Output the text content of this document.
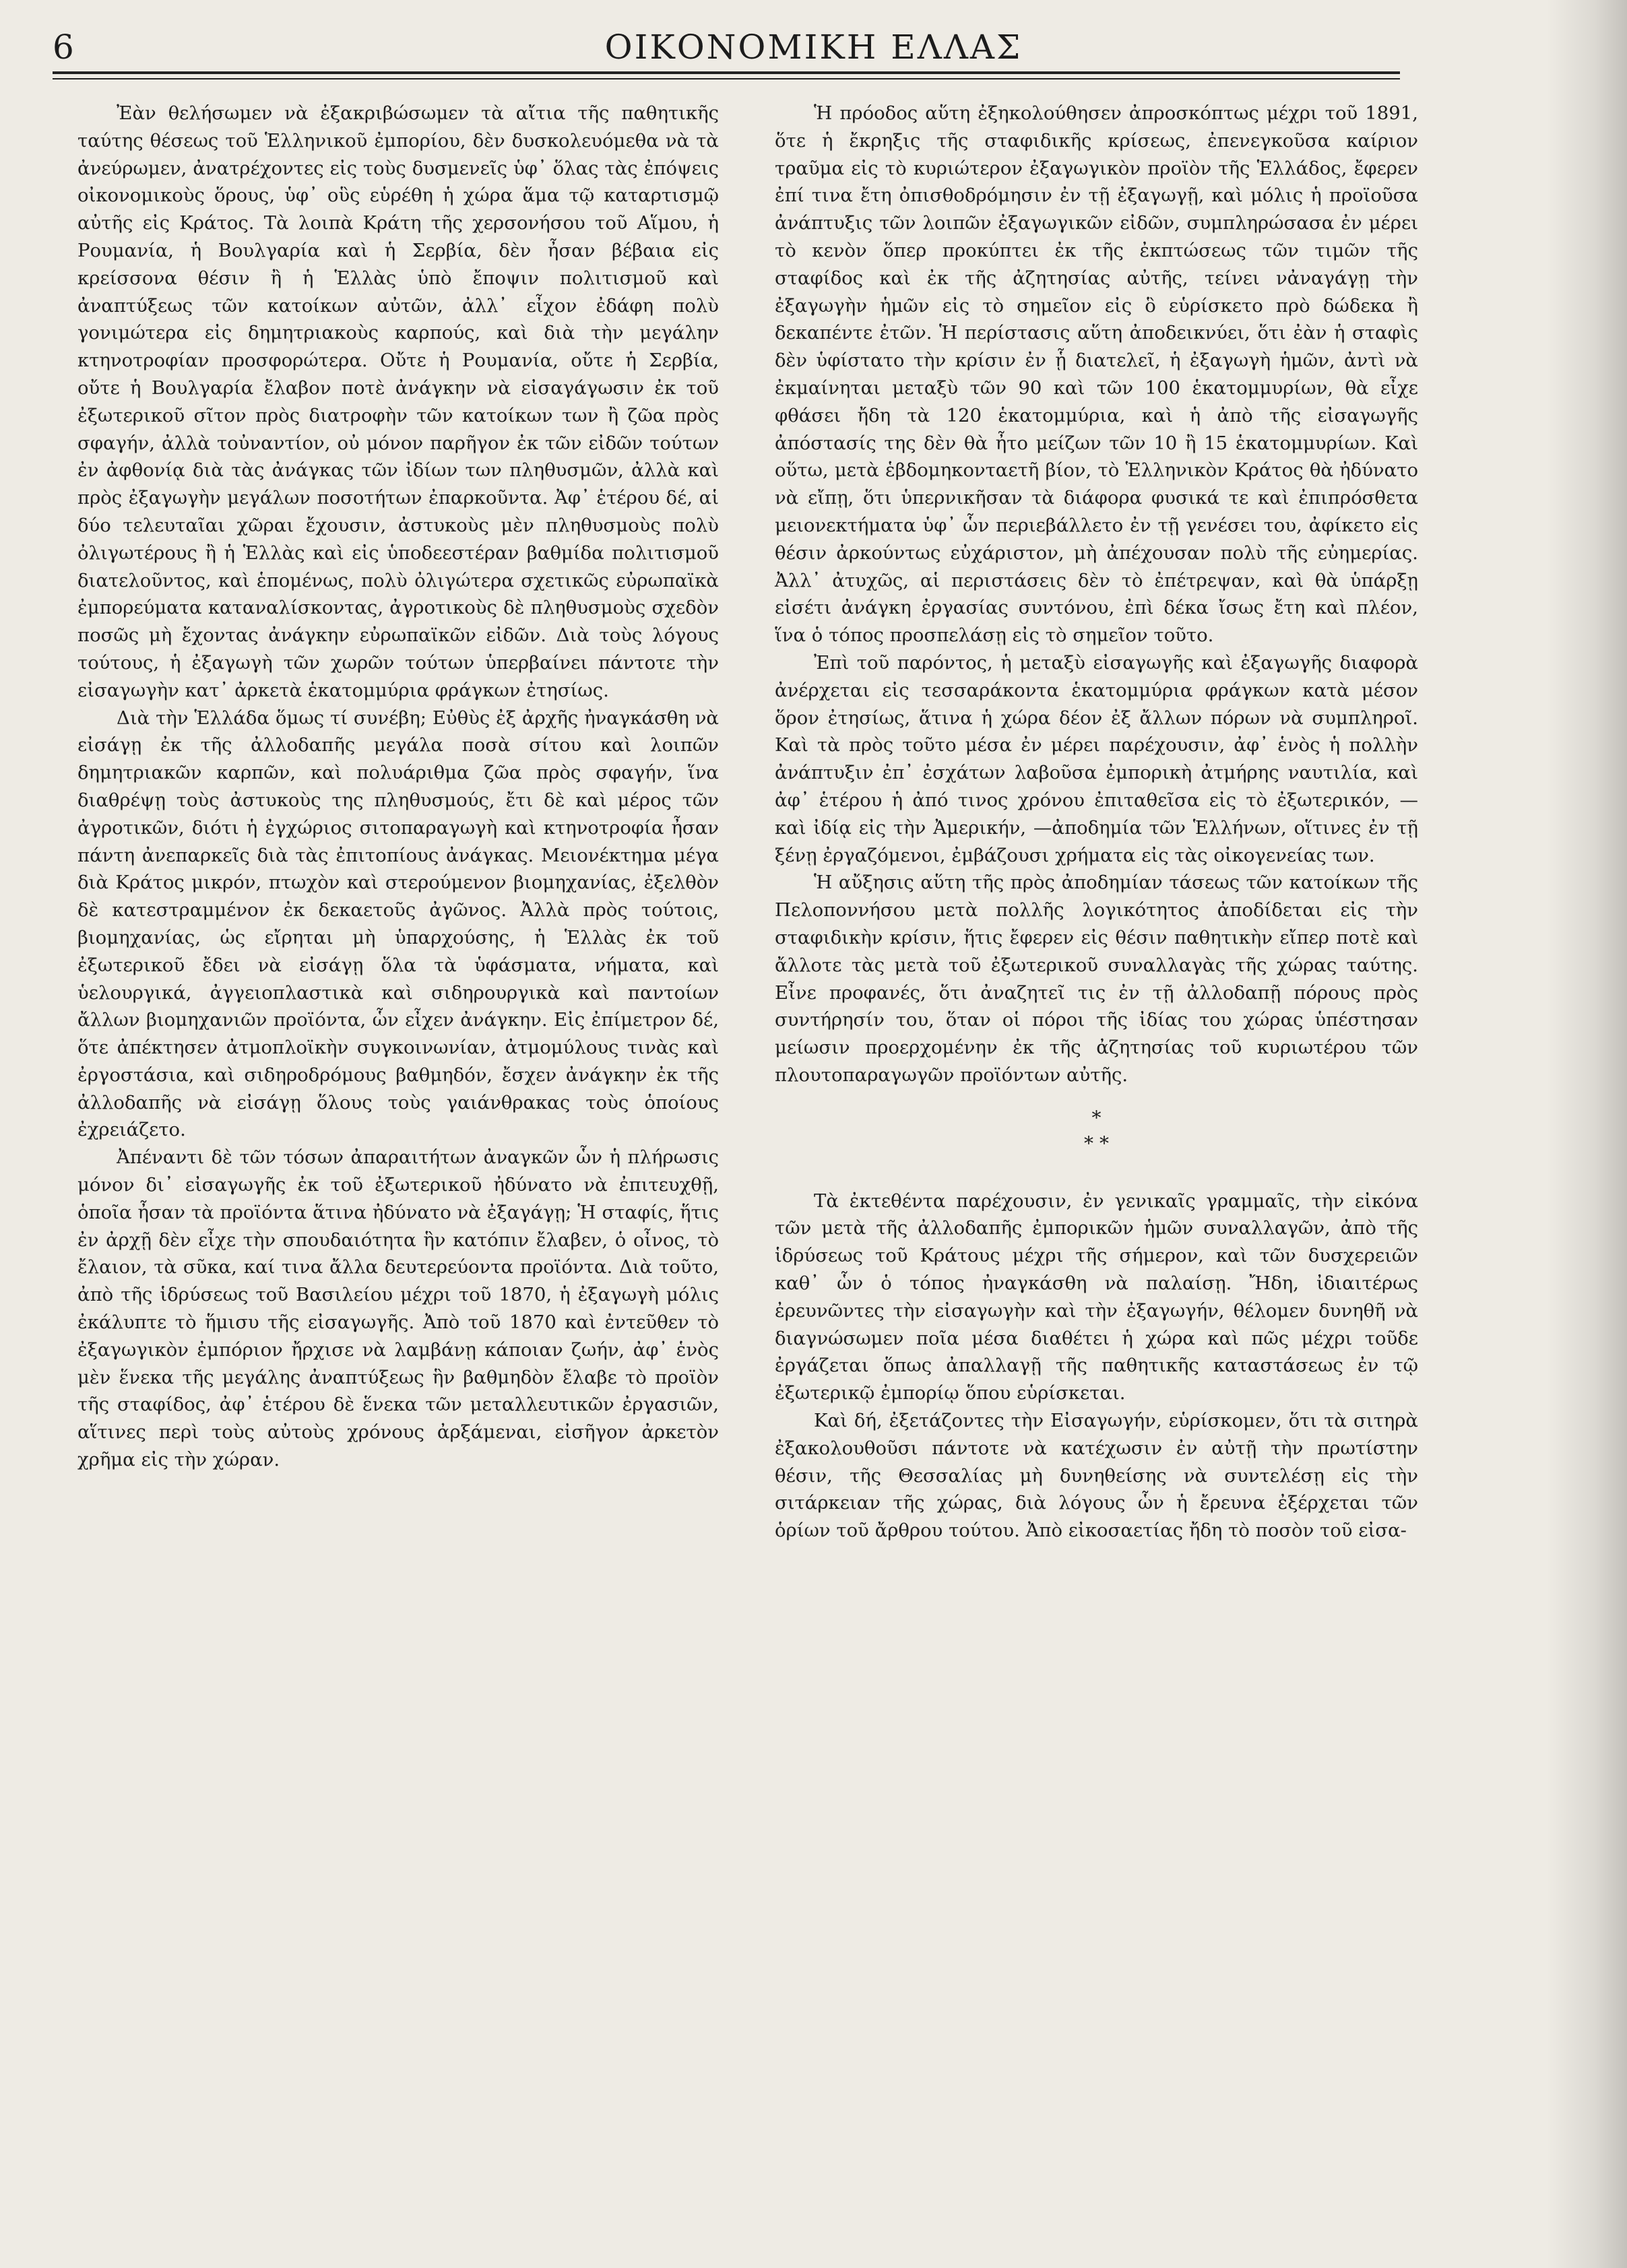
6	ΟΙΚΟΝΟΜΙΚΗ ΕΛΛΑΣ

Ἐὰν θελήσωμεν νὰ ἐξακριβώσωμεν τὰ αἴτια τῆς παθητικῆς ταύτης θέσεως τοῦ Ἑλληνικοῦ ἐμπορίου, δὲν δυσκολευόμεθα νὰ τὰ ἀνεύρωμεν, ἀνατρέχοντες εἰς τοὺς δυσμενεῖς ὑφ᾽ ὅλας τὰς ἐπόψεις οἰκονομικοὺς ὅρους, ὑφ᾽ οὓς εὑρέθη ἡ χώρα ἅμα τῷ καταρτισμῷ αὐτῆς εἰς Κράτος. Τὰ λοιπὰ Κράτη τῆς χερσονήσου τοῦ Αἵμου, ἡ Ρουμανία, ἡ Βουλγαρία καὶ ἡ Σερβία, δὲν ἦσαν βέβαια εἰς κρείσσονα θέσιν ἢ ἡ Ἑλλὰς ὑπὸ ἔποψιν πολιτισμοῦ καὶ ἀναπτύξεως τῶν κατοίκων αὐτῶν, ἀλλ᾽ εἶχον ἐδάφη πολὺ γονιμώτερα εἰς δημητριακοὺς καρπούς, καὶ διὰ τὴν μεγάλην κτηνοτροφίαν προσφορώτερα. Οὔτε ἡ Ρουμανία, οὔτε ἡ Σερβία, οὔτε ἡ Βουλγαρία ἔλαβον ποτὲ ἀνάγκην νὰ εἰσαγάγωσιν ἐκ τοῦ ἐξωτερικοῦ σῖτον πρὸς διατροφὴν τῶν κατοίκων των ἢ ζῶα πρὸς σφαγήν, ἀλλὰ τοὐναντίον, οὐ μόνον παρῆγον ἐκ τῶν εἰδῶν τούτων ἐν ἀφθονίᾳ διὰ τὰς ἀνάγκας τῶν ἰδίων των πληθυσμῶν, ἀλλὰ καὶ πρὸς ἐξαγωγὴν μεγάλων ποσοτήτων ἐπαρκοῦντα. Ἀφ᾽ ἑτέρου δέ, αἱ δύο τελευταῖαι χῶραι ἔχουσιν, ἀστυκοὺς μὲν πληθυσμοὺς πολὺ ὀλιγωτέρους ἢ ἡ Ἑλλὰς καὶ εἰς ὑποδεεστέραν βαθμίδα πολιτισμοῦ διατελοῦντος, καὶ ἑπομένως, πολὺ ὀλιγώτερα σχετικῶς εὐρωπαϊκὰ ἐμπορεύματα καταναλίσκοντας, ἀγροτικοὺς δὲ πληθυσμοὺς σχεδὸν ποσῶς μὴ ἔχοντας ἀνάγκην εὐρωπαϊκῶν εἰδῶν. Διὰ τοὺς λόγους τούτους, ἡ ἐξαγωγὴ τῶν χωρῶν τούτων ὑπερβαίνει πάντοτε τὴν εἰσαγωγὴν κατ᾽ ἀρκετὰ ἑκατομμύρια φράγκων ἐτησίως.

Διὰ τὴν Ἑλλάδα ὅμως τί συνέβη; Εὐθὺς ἐξ ἀρχῆς ἠναγκάσθη νὰ εἰσάγῃ ἐκ τῆς ἀλλοδαπῆς μεγάλα ποσὰ σίτου καὶ λοιπῶν δημητριακῶν καρπῶν, καὶ πολυάριθμα ζῶα πρὸς σφαγήν, ἵνα διαθρέψῃ τοὺς ἀστυκοὺς της πληθυσμούς, ἔτι δὲ καὶ μέρος τῶν ἀγροτικῶν, διότι ἡ ἐγχώριος σιτοπαραγωγὴ καὶ κτηνοτροφία ἦσαν πάντη ἀνεπαρκεῖς διὰ τὰς ἐπιτοπίους ἀνάγκας. Μειονέκτημα μέγα διὰ Κράτος μικρόν, πτωχὸν καὶ στερούμενον βιομηχανίας, ἐξελθὸν δὲ κατεστραμμένον ἐκ δεκαετοῦς ἀγῶνος. Ἀλλὰ πρὸς τούτοις, βιομηχανίας, ὡς εἴρηται μὴ ὑπαρχούσης, ἡ Ἑλλὰς ἐκ τοῦ ἐξωτερικοῦ ἔδει νὰ εἰσάγῃ ὅλα τὰ ὑφάσματα, νήματα, καὶ ὑελουργικά, ἀγγειοπλαστικὰ καὶ σιδηρουργικὰ καὶ παντοίων ἄλλων βιομηχανιῶν προϊόντα, ὧν εἶχεν ἀνάγκην. Εἰς ἐπίμετρον δέ, ὅτε ἀπέκτησεν ἀτμοπλοϊκὴν συγκοινωνίαν, ἀτμομύλους τινὰς καὶ ἐργοστάσια, καὶ σιδηροδρόμους βαθμηδόν, ἔσχεν ἀνάγκην ἐκ τῆς ἀλλοδαπῆς νὰ εἰσάγῃ ὅλους τοὺς γαιάνθρακας τοὺς ὁποίους ἐχρειάζετο.

Ἀπέναντι δὲ τῶν τόσων ἀπαραιτήτων ἀναγκῶν ὧν ἡ πλήρωσις μόνον δι᾽ εἰσαγωγῆς ἐκ τοῦ ἐξωτερικοῦ ἠδύνατο νὰ ἐπιτευχθῇ, ὁποῖα ἦσαν τὰ προϊόντα ἅτινα ἠδύνατο νὰ ἐξαγάγῃ; Ἡ σταφίς, ἥτις ἐν ἀρχῇ δὲν εἶχε τὴν σπουδαιότητα ἣν κατόπιν ἔλαβεν, ὁ οἶνος, τὸ ἔλαιον, τὰ σῦκα, καί τινα ἄλλα δευτερεύοντα προϊόντα. Διὰ τοῦτο, ἀπὸ τῆς ἱδρύσεως τοῦ Βασιλείου μέχρι τοῦ 1870, ἡ ἐξαγωγὴ μόλις ἐκάλυπτε τὸ ἥμισυ τῆς εἰσαγωγῆς. Ἀπὸ τοῦ 1870 καὶ ἐντεῦθεν τὸ ἐξαγωγικὸν ἐμπόριον ἤρχισε νὰ λαμβάνῃ κάποιαν ζωήν, ἀφ᾽ ἑνὸς μὲν ἕνεκα τῆς μεγάλης ἀναπτύξεως ἣν βαθμηδὸν ἔλαβε τὸ προϊὸν τῆς σταφίδος, ἀφ᾽ ἑτέρου δὲ ἕνεκα τῶν μεταλλευτικῶν ἐργασιῶν, αἵτινες περὶ τοὺς αὐτοὺς χρόνους ἀρξάμεναι, εἰσῆγον ἀρκετὸν χρῆμα εἰς τὴν χώραν.

Ἡ πρόοδος αὕτη ἐξηκολούθησεν ἀπροσκόπτως μέχρι τοῦ 1891, ὅτε ἡ ἔκρηξις τῆς σταφιδικῆς κρίσεως, ἐπενεγκοῦσα καίριον τραῦμα εἰς τὸ κυριώτερον ἐξαγωγικὸν προϊὸν τῆς Ἑλλάδος, ἔφερεν ἐπί τινα ἔτη ὀπισθοδρόμησιν ἐν τῇ ἐξαγωγῇ, καὶ μόλις ἡ προϊοῦσα ἀνάπτυξις τῶν λοιπῶν ἐξαγωγικῶν εἰδῶν, συμπληρώσασα ἐν μέρει τὸ κενὸν ὅπερ προκύπτει ἐκ τῆς ἐκπτώσεως τῶν τιμῶν τῆς σταφίδος καὶ ἐκ τῆς ἀζητησίας αὐτῆς, τείνει νἀναγάγῃ τὴν ἐξαγωγὴν ἡμῶν εἰς τὸ σημεῖον εἰς ὃ εὑρίσκετο πρὸ δώδεκα ἢ δεκαπέντε ἐτῶν. Ἡ περίστασις αὕτη ἀποδεικνύει, ὅτι ἐὰν ἡ σταφὶς δὲν ὑφίστατο τὴν κρίσιν ἐν ᾗ διατελεῖ, ἡ ἐξαγωγὴ ἡμῶν, ἀντὶ νὰ ἐκμαίνηται μεταξὺ τῶν 90 καὶ τῶν 100 ἑκατομμυρίων, θὰ εἶχε φθάσει ἤδη τὰ 120 ἑκατομμύρια, καὶ ἡ ἀπὸ τῆς εἰσαγωγῆς ἀπόστασίς της δὲν θὰ ἦτο μείζων τῶν 10 ἢ 15 ἑκατομμυρίων. Καὶ οὕτω, μετὰ ἑβδομηκονταετῆ βίον, τὸ Ἑλληνικὸν Κράτος θὰ ἠδύνατο νὰ εἴπῃ, ὅτι ὑπερνικῆσαν τὰ διάφορα φυσικά τε καὶ ἐπιπρόσθετα μειονεκτήματα ὑφ᾽ ὧν περιεβάλλετο ἐν τῇ γενέσει του, ἀφίκετο εἰς θέσιν ἀρκούντως εὐχάριστον, μὴ ἀπέχουσαν πολὺ τῆς εὐημερίας. Ἀλλ᾽ ἀτυχῶς, αἱ περιστάσεις δὲν τὸ ἐπέτρεψαν, καὶ θὰ ὑπάρξῃ εἰσέτι ἀνάγκη ἐργασίας συντόνου, ἐπὶ δέκα ἴσως ἔτη καὶ πλέον, ἵνα ὁ τόπος προσπελάσῃ εἰς τὸ σημεῖον τοῦτο.

Ἐπὶ τοῦ παρόντος, ἡ μεταξὺ εἰσαγωγῆς καὶ ἐξαγωγῆς διαφορὰ ἀνέρχεται εἰς τεσσαράκοντα ἑκατομμύρια φράγκων κατὰ μέσον ὅρον ἐτησίως, ἅτινα ἡ χώρα δέον ἐξ ἄλλων πόρων νὰ συμπληροῖ. Καὶ τὰ πρὸς τοῦτο μέσα ἐν μέρει παρέχουσιν, ἀφ᾽ ἑνὸς ἡ πολλὴν ἀνάπτυξιν ἐπ᾽ ἐσχάτων λαβοῦσα ἐμπορικὴ ἀτμήρης ναυτιλία, καὶ ἀφ᾽ ἑτέρου ἡ ἀπό τινος χρόνου ἐπιταθεῖσα εἰς τὸ ἐξωτερικόν, — καὶ ἰδίᾳ εἰς τὴν Ἀμερικήν, —ἀποδημία τῶν Ἑλλήνων, οἵτινες ἐν τῇ ξένῃ ἐργαζόμενοι, ἐμβάζουσι χρήματα εἰς τὰς οἰκογενείας των.

Ἡ αὔξησις αὕτη τῆς πρὸς ἀποδημίαν τάσεως τῶν κατοίκων τῆς Πελοποννήσου μετὰ πολλῆς λογικότητος ἀποδίδεται εἰς τὴν σταφιδικὴν κρίσιν, ἥτις ἔφερεν εἰς θέσιν παθητικὴν εἴπερ ποτὲ καὶ ἄλλοτε τὰς μετὰ τοῦ ἐξωτερικοῦ συναλλαγὰς τῆς χώρας ταύτης. Εἶνε προφανές, ὅτι ἀναζητεῖ τις ἐν τῇ ἀλλοδαπῇ πόρους πρὸς συντήρησίν του, ὅταν οἱ πόροι τῆς ἰδίας του χώρας ὑπέστησαν μείωσιν προερχομένην ἐκ τῆς ἀζητησίας τοῦ κυριωτέρου τῶν πλουτοπαραγωγῶν προϊόντων αὐτῆς.

*
* *

Τὰ ἐκτεθέντα παρέχουσιν, ἐν γενικαῖς γραμμαῖς, τὴν εἰκόνα τῶν μετὰ τῆς ἀλλοδαπῆς ἐμπορικῶν ἡμῶν συναλλαγῶν, ἀπὸ τῆς ἱδρύσεως τοῦ Κράτους μέχρι τῆς σήμερον, καὶ τῶν δυσχερειῶν καθ᾽ ὧν ὁ τόπος ἠναγκάσθη νὰ παλαίσῃ. Ἤδη, ἰδιαιτέρως ἐρευνῶντες τὴν εἰσαγωγὴν καὶ τὴν ἐξαγωγήν, θέλομεν δυνηθῆ νὰ διαγνώσωμεν ποῖα μέσα διαθέτει ἡ χώρα καὶ πῶς μέχρι τοῦδε ἐργάζεται ὅπως ἀπαλλαγῇ τῆς παθητικῆς καταστάσεως ἐν τῷ ἐξωτερικῷ ἐμπορίῳ ὅπου εὑρίσκεται.

Καὶ δή, ἐξετάζοντες τὴν Εἰσαγωγήν, εὑρίσκομεν, ὅτι τὰ σιτηρὰ ἐξακολουθοῦσι πάντοτε νὰ κατέχωσιν ἐν αὐτῇ τὴν πρωτίστην θέσιν, τῆς Θεσσαλίας μὴ δυνηθείσης νὰ συντελέσῃ εἰς τὴν σιτάρκειαν τῆς χώρας, διὰ λόγους ὧν ἡ ἔρευνα ἐξέρχεται τῶν ὁρίων τοῦ ἄρθρου τούτου. Ἀπὸ εἰκοσαετίας ἤδη τὸ ποσὸν τοῦ εἰσα-
